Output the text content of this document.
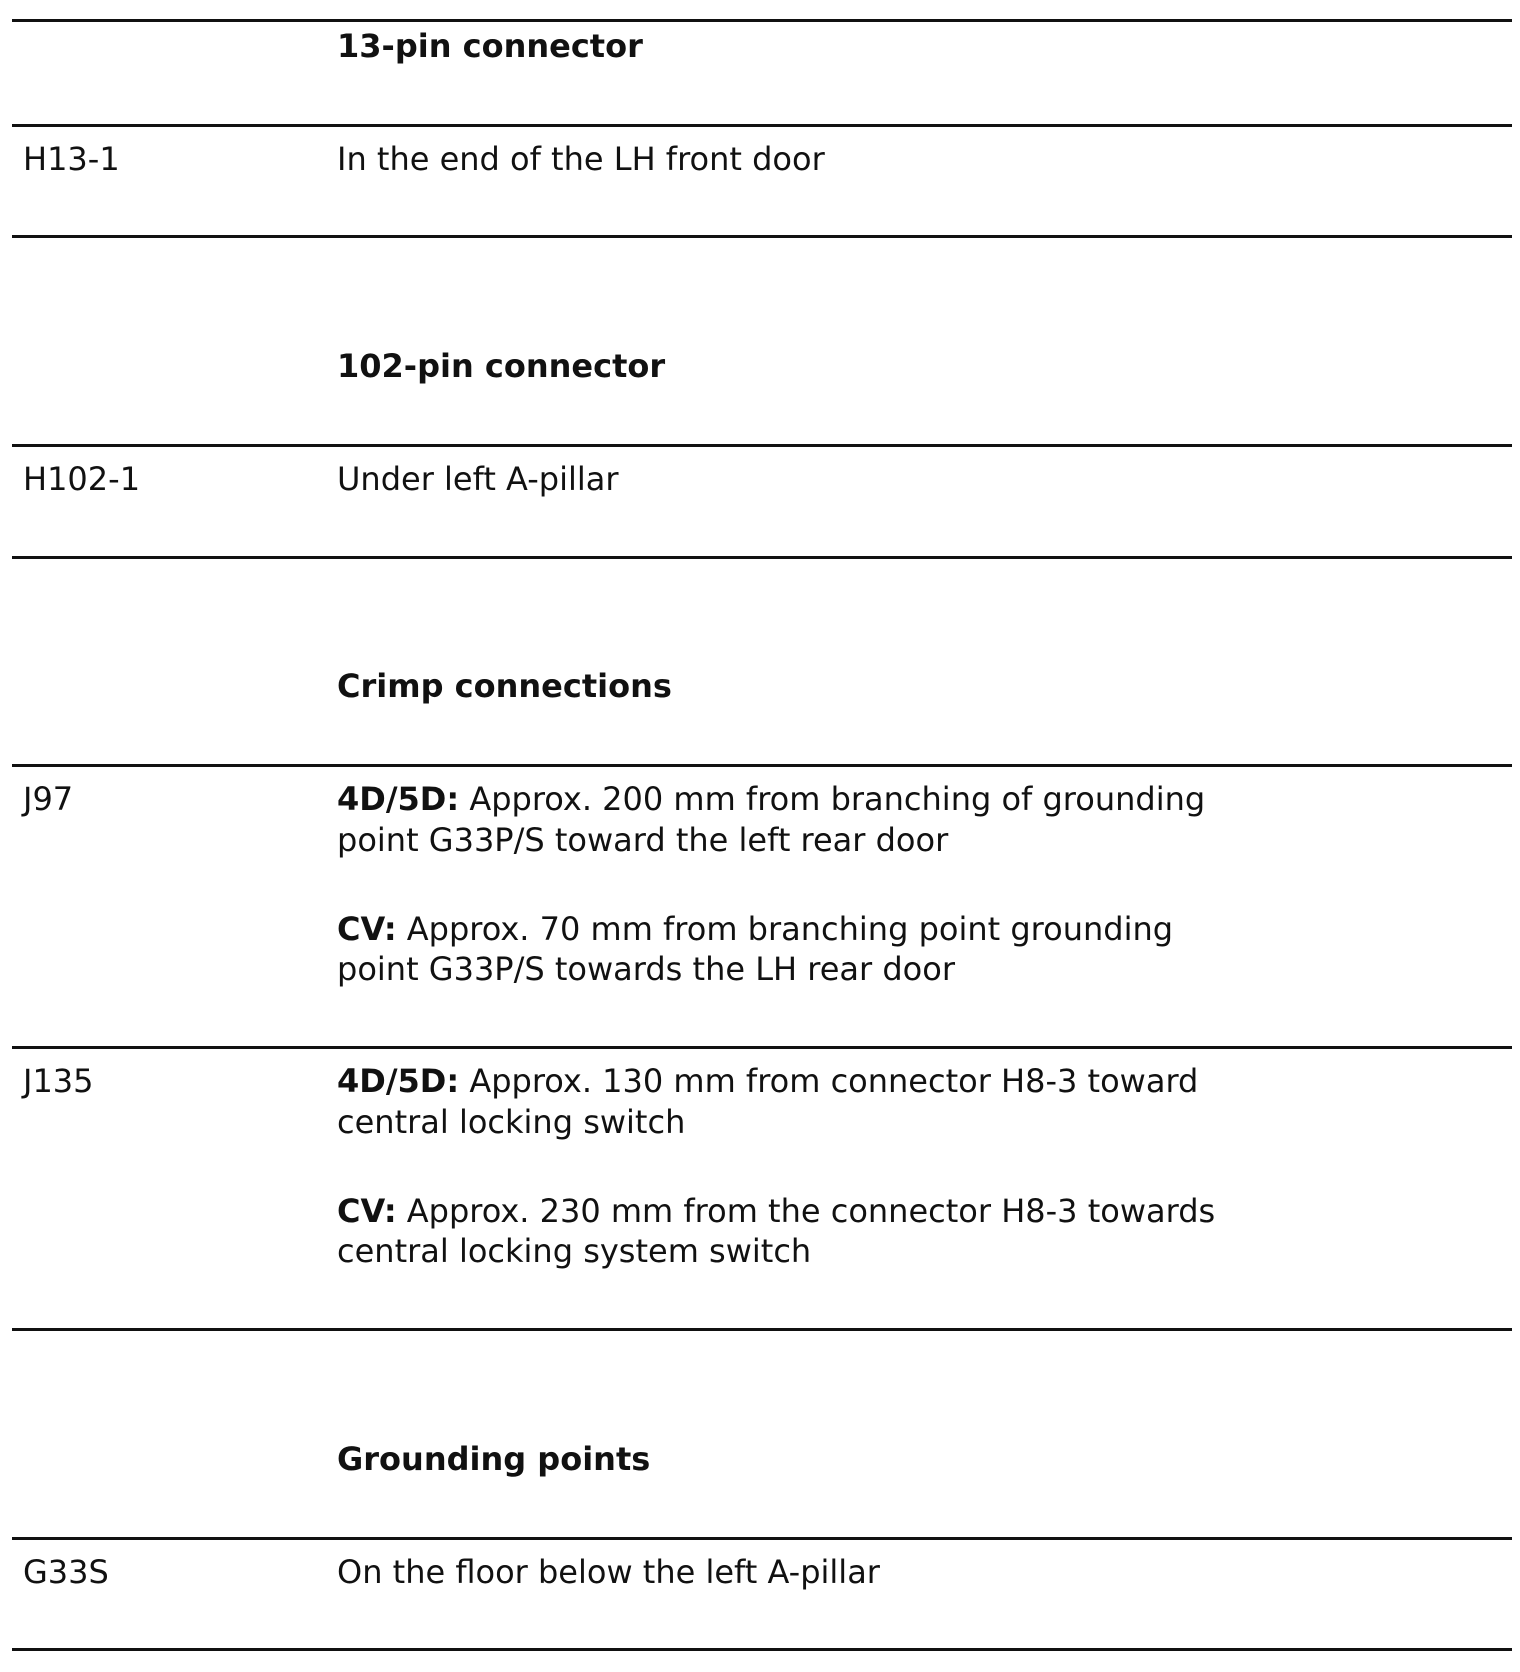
13-pin connector
H13-1	In the end of the LH front door
102-pin connector
H102-1	Under left A-pillar
Crimp connections
J97	4D/5D: Approx. 200 mm from branching of grounding
point G33P/S toward the left rear door
CV: Approx. 70 mm from branching point grounding
point G33P/S towards the LH rear door
J135	4D/5D: Approx. 130 mm from connector H8-3 toward
central locking switch
CV: Approx. 230 mm from the connector H8-3 towards
central locking system switch
Grounding points
G33S	On the floor below the left A-pillar
